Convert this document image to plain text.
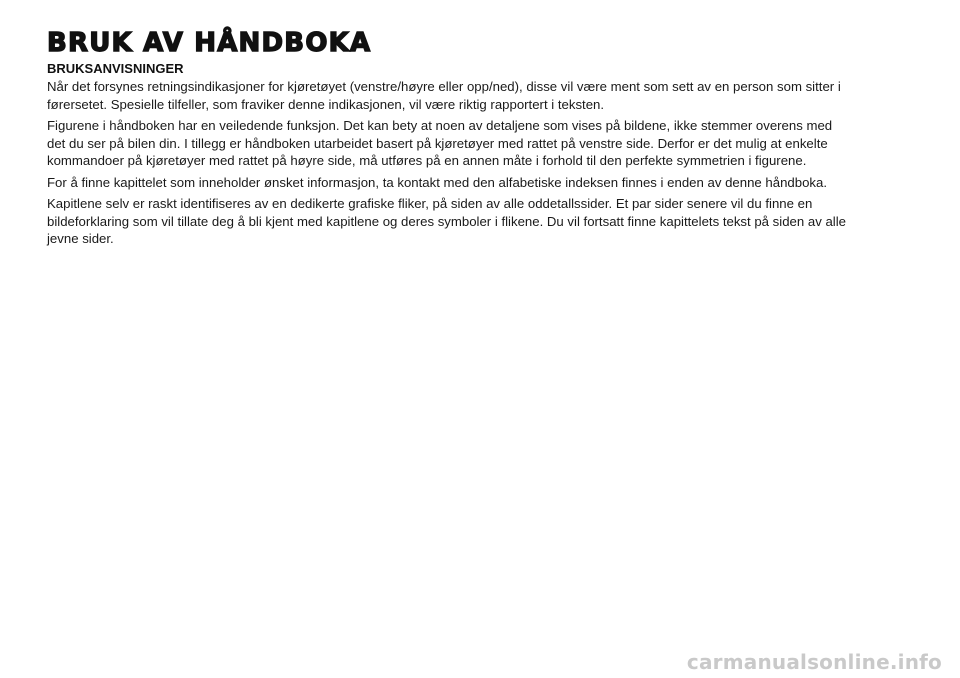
BRUK AV HÅNDBOKA
BRUKSANVISNINGER

Når det forsynes retningsindikasjoner for kjøretøyet (venstre/høyre eller opp/ned), disse vil være ment som sett av en person som sitter i førersetet. Spesielle tilfeller, som fraviker denne indikasjonen, vil være riktig rapportert i teksten.

Figurene i håndboken har en veiledende funksjon. Det kan bety at noen av detaljene som vises på bildene, ikke stemmer overens med det du ser på bilen din. I tillegg er håndboken utarbeidet basert på kjøretøyer med rattet på venstre side. Derfor er det mulig at enkelte kommandoer på kjøretøyer med rattet på høyre side, må utføres på en annen måte i forhold til den perfekte symmetrien i figurene.

For å finne kapittelet som inneholder ønsket informasjon, ta kontakt med den alfabetiske indeksen finnes i enden av denne håndboka.

Kapitlene selv er raskt identifiseres av en dedikerte grafiske fliker, på siden av alle oddetallssider. Et par sider senere vil du finne en bildeforklaring som vil tillate deg å bli kjent med kapitlene og deres symboler i flikene. Du vil fortsatt finne kapittelets tekst på siden av alle jevne sider.

carmanualsonline.info
